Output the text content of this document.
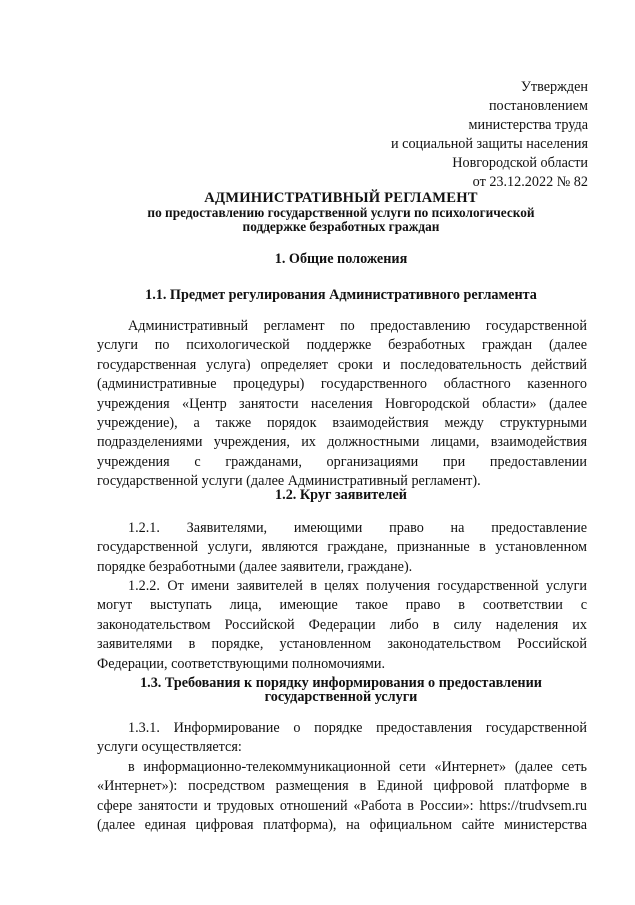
Утвержден
постановлением
министерства труда
и социальной защиты населения
Новгородской области
от 23.12.2022 № 82
АДМИНИСТРАТИВНЫЙ РЕГЛАМЕНТ
по предоставлению государственной услуги по психологической
поддержке безработных граждан
1. Общие положения
1.1. Предмет регулирования Административного регламента
Административный регламент по предоставлению государственной
услуги по психологической поддержке безработных граждан (далее
государственная услуга) определяет сроки и последовательность действий
(административные процедуры) государственного областного казенного
учреждения «Центр занятости населения Новгородской области» (далее
учреждение), а также порядок взаимодействия между структурными
подразделениями учреждения, их должностными лицами, взаимодействия
учреждения с гражданами, организациями при предоставлении
государственной услуги (далее Административный регламент).
1.2. Круг заявителей
1.2.1. Заявителями, имеющими право на предоставление
государственной услуги, являются граждане, признанные в установленном
порядке безработными (далее заявители, граждане).
1.2.2. От имени заявителей в целях получения государственной услуги
могут выступать лица, имеющие такое право в соответствии с
законодательством Российской Федерации либо в силу наделения их
заявителями в порядке, установленном законодательством Российской
Федерации, соответствующими полномочиями.
1.3. Требования к порядку информирования о предоставлении
государственной услуги
1.3.1. Информирование о порядке предоставления государственной
услуги осуществляется:
в информационно-телекоммуникационной сети «Интернет» (далее сеть
«Интернет»): посредством размещения в Единой цифровой платформе в
сфере занятости и трудовых отношений «Работа в России»: https://trudvsem.ru
(далее единая цифровая платформа), на официальном сайте министерства
